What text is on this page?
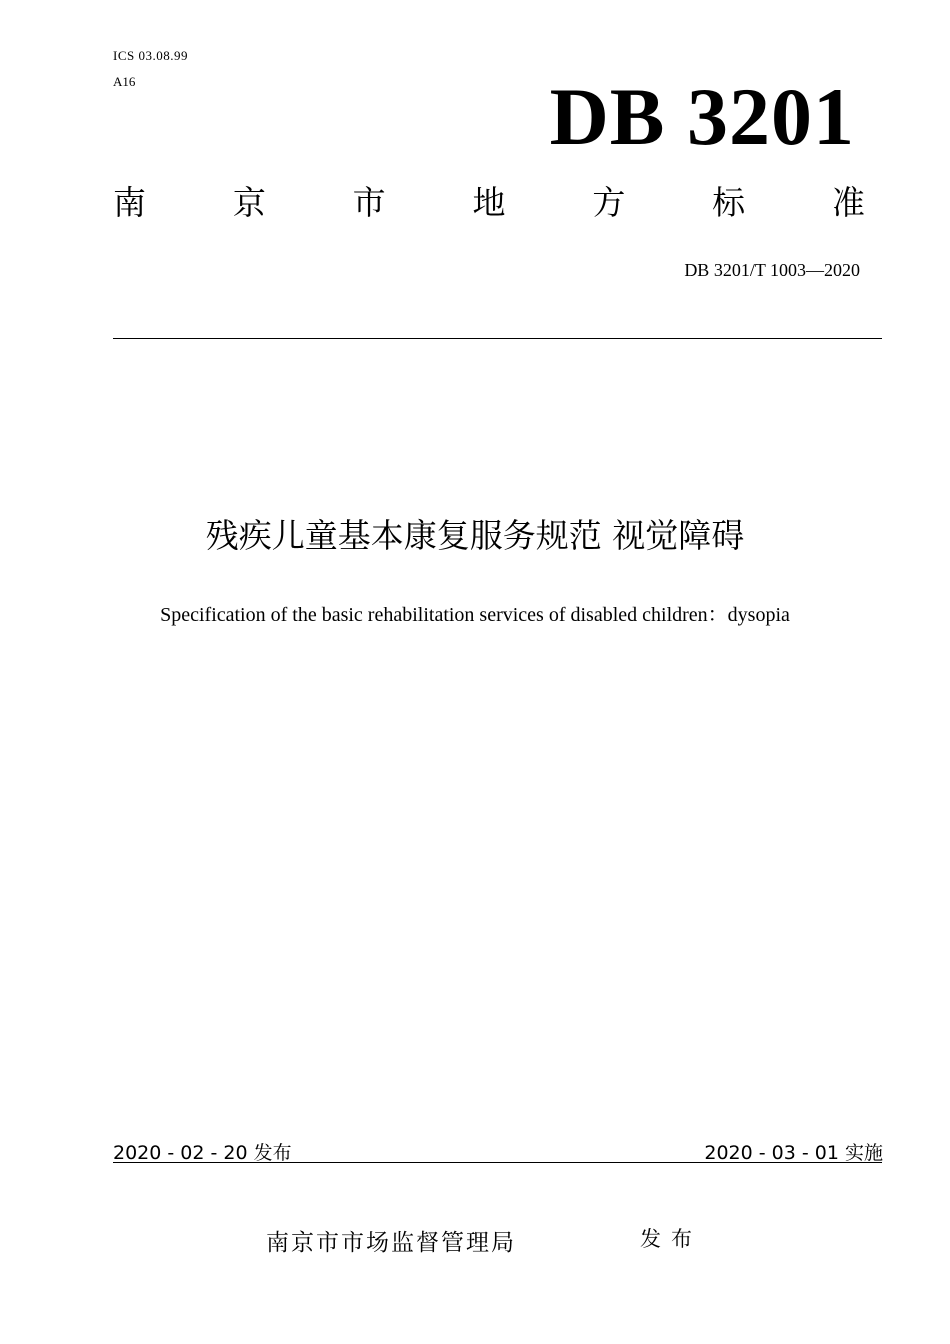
ICS 03.08.99
A16	DB 3201
南	京	市	地	方	标	准
DB 3201/T 1003—2020
残疾儿童基本康复服务规范 视觉障碍
Specification of the basic rehabilitation services of disabled children：dysopia
2020 - 02 - 20 发布	2020 - 03 - 01 实施
南京市市场监督管理局	发布
